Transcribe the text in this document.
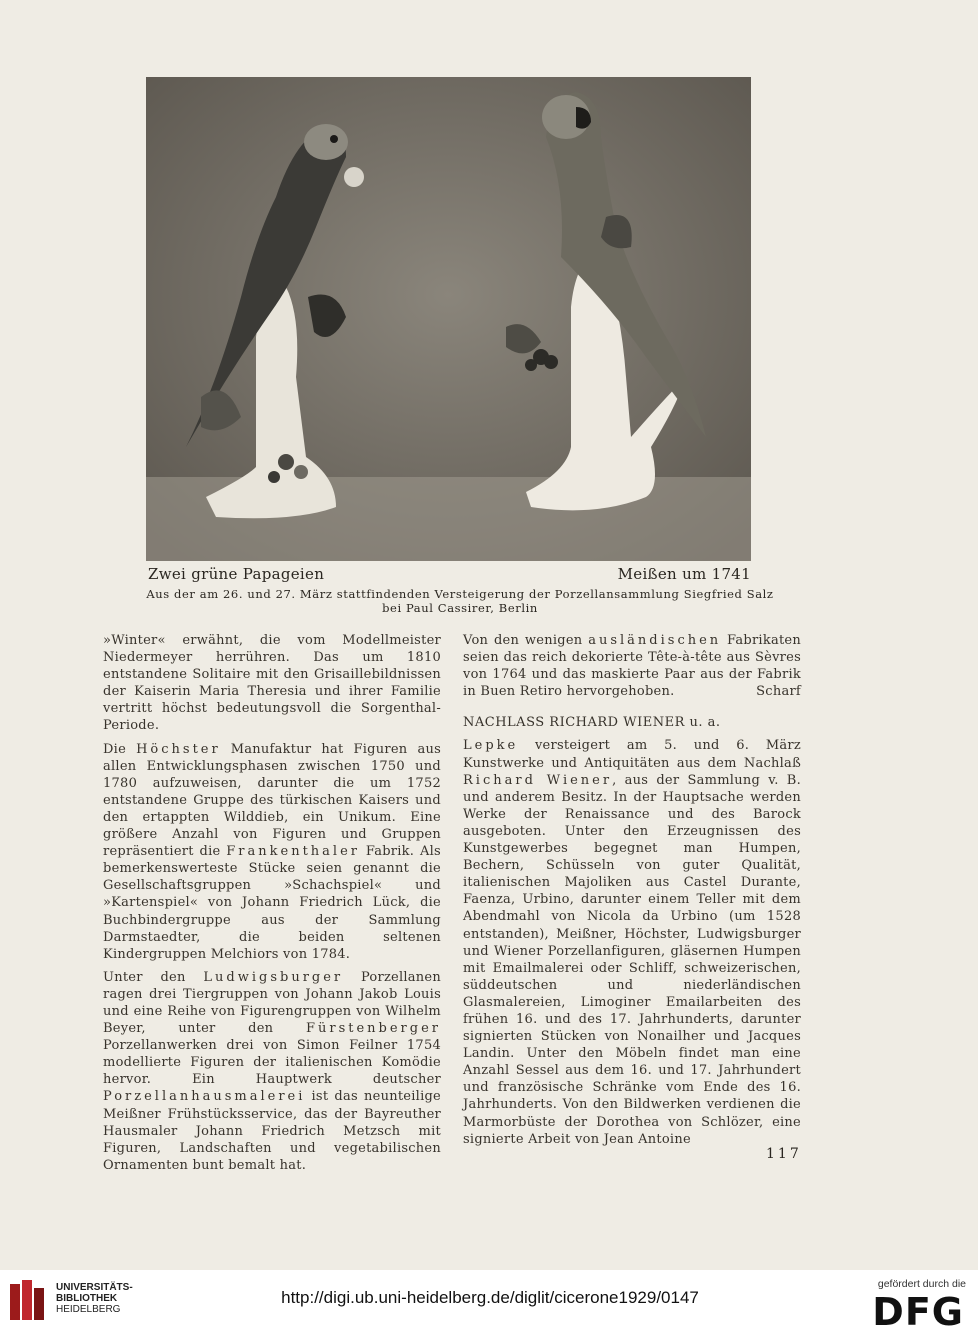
Zwei grüne Papageien	Meißen um 1741
Aus der am 26. und 27. März stattfindenden Versteigerung der Porzellansammlung Siegfried Salz
bei Paul Cassirer, Berlin

»Winter« erwähnt, die vom Modellmeister Niedermeyer herrühren. Das um 1810 entstandene Solitaire mit den Grisaillebildnissen der Kaiserin Maria Theresia und ihrer Familie vertritt höchst bedeutungsvoll die Sorgenthal-Periode.

Die Höchster Manufaktur hat Figuren aus allen Entwicklungsphasen zwischen 1750 und 1780 aufzuweisen, darunter die um 1752 entstandene Gruppe des türkischen Kaisers und den ertappten Wilddieb, ein Unikum. Eine größere Anzahl von Figuren und Gruppen repräsentiert die Frankenthaler Fabrik. Als bemerkenswerteste Stücke seien genannt die Gesellschaftsgruppen »Schachspiel« und »Kartenspiel« von Johann Friedrich Lück, die Buchbindergruppe aus der Sammlung Darmstaedter, die beiden seltenen Kindergruppen Melchiors von 1784.

Unter den Ludwigsburger Porzellanen ragen drei Tiergruppen von Johann Jakob Louis und eine Reihe von Figurengruppen von Wilhelm Beyer, unter den	Fürstenberger Porzellanwerken drei von Simon Feilner 1754 modellierte Figuren der italienischen Komödie hervor. Ein Hauptwerk deutscher Porzellanhausmalerei ist das neunteilige Meißner Frühstücksservice, das der Bayreuther Hausmaler Johann Friedrich Metzsch mit Figuren, Landschaften und vegetabilischen Ornamenten bunt bemalt hat.

Von den wenigen ausländischen Fabrikaten seien das reich dekorierte Tête-à-tête aus Sèvres von 1764 und das maskierte Paar aus der Fabrik in Buen Retiro hervorgehoben.	Scharf

NACHLASS RICHARD WIENER u. a.

Lepke versteigert am 5. und 6. März Kunstwerke und Antiquitäten aus dem Nachlaß Richard Wiener, aus der Sammlung v. B. und anderem Besitz. In der Hauptsache werden Werke der Renaissance und des Barock ausgeboten. Unter den Erzeugnissen des Kunstgewerbes begegnet man Humpen, Bechern, Schüsseln von guter Qualität, italienischen Majoliken aus Castel Durante, Faenza, Urbino, darunter einem Teller mit dem Abendmahl von Nicola da Urbino (um 1528 entstanden), Meißner, Höchster, Ludwigsburger und Wiener Porzellanfiguren, gläsernen Humpen mit Emailmalerei oder Schliff, schweizerischen, süddeutschen und niederländischen Glasmalereien, Limoginer Emailarbeiten des frühen 16. und des 17. Jahrhunderts, darunter signierten Stücken von Nonailher und Jacques Landin. Unter den Möbeln findet man eine Anzahl Sessel aus dem 16. und 17. Jahrhundert und französische Schränke vom Ende des 16. Jahrhunderts. Von den Bildwerken verdienen die Marmorbüste der Dorothea von Schlözer, eine signierte Arbeit von Jean Antoine

117
UNIVERSITÄTS-
BIBLIOTHEK
HEIDELBERG
http://digi.ub.uni-heidelberg.de/diglit/cicerone1929/0147
gefördert durch die
DFG
